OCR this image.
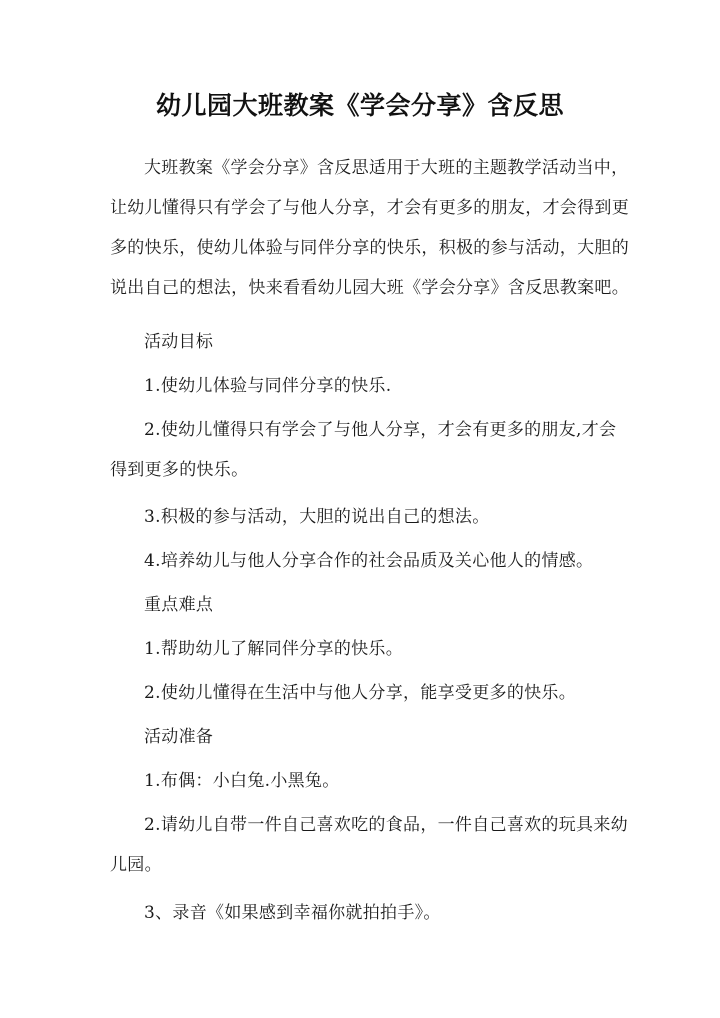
幼儿园大班教案《学会分享》含反思
大班教案《学会分享》含反思适用于大班的主题教学活动当中，让幼儿懂得只有学会了与他人分享，才会有更多的朋友，才会得到更多的快乐，使幼儿体验与同伴分享的快乐，积极的参与活动，大胆的说出自己的想法，快来看看幼儿园大班《学会分享》含反思教案吧。
活动目标
1.使幼儿体验与同伴分享的快乐.
2.使幼儿懂得只有学会了与他人分享，才会有更多的朋友,才会得到更多的快乐。
3.积极的参与活动，大胆的说出自己的想法。
4.培养幼儿与他人分享合作的社会品质及关心他人的情感。
重点难点
1.帮助幼儿了解同伴分享的快乐。
2.使幼儿懂得在生活中与他人分享，能享受更多的快乐。
活动准备
1.布偶：小白兔.小黑兔。
2.请幼儿自带一件自己喜欢吃的食品，一件自己喜欢的玩具来幼儿园。
3、录音《如果感到幸福你就拍拍手》。
